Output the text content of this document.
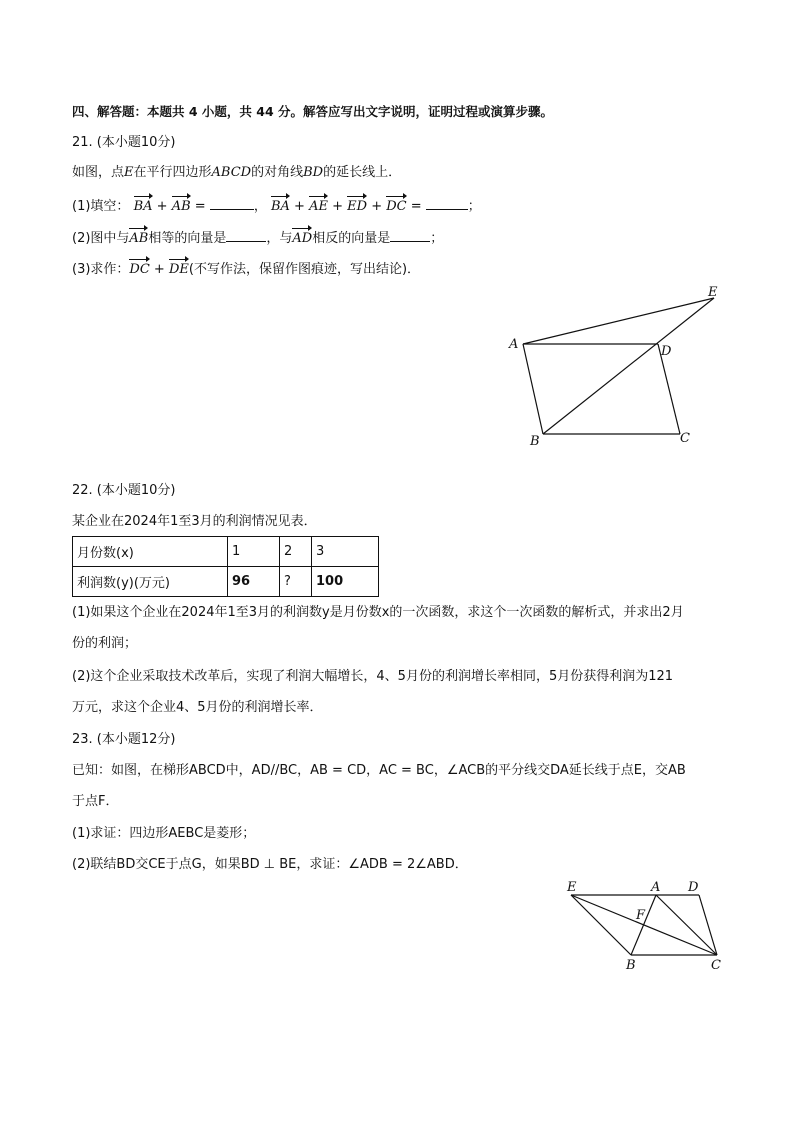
四、解答题：本题共 4 小题，共 44 分。解答应写出文字说明，证明过程或演算步骤。
21. (本小题10分)
如图，点E在平行四边形ABCD的对角线BD的延长线上．
(1)填空： BA + AB =	， BA + AE + ED + DC =	；
(2)图中与AB相等的向量是	，与AD相反的向量是	；
(3)求作：DC + DE(不写作法，保留作图痕迹，写出结论)．
A	D
E
B	C
22. (本小题10分)
某企业在2024年1至3月的利润情况见表．
月份数(x)	1	2	3
利润数(y)(万元)	96	?	100
(1)如果这个企业在2024年1至3月的利润数y是月份数x的一次函数，求这个一次函数的解析式，并求出2月
份的利润；
(2)这个企业采取技术改革后，实现了利润大幅增长，4、5月份的利润增长率相同，5月份获得利润为121
万元，求这个企业4、5月份的利润增长率．
23. (本小题12分)
已知：如图，在梯形ABCD中，AD//BC，AB = CD，AC = BC，∠ACB的平分线交DA延长线于点E，交AB
于点F．
(1)求证：四边形AEBC是菱形；
(2)联结BD交CE于点G，如果BD ⊥ BE，求证：∠ADB = 2∠ABD．
E	A D
F
B	C
